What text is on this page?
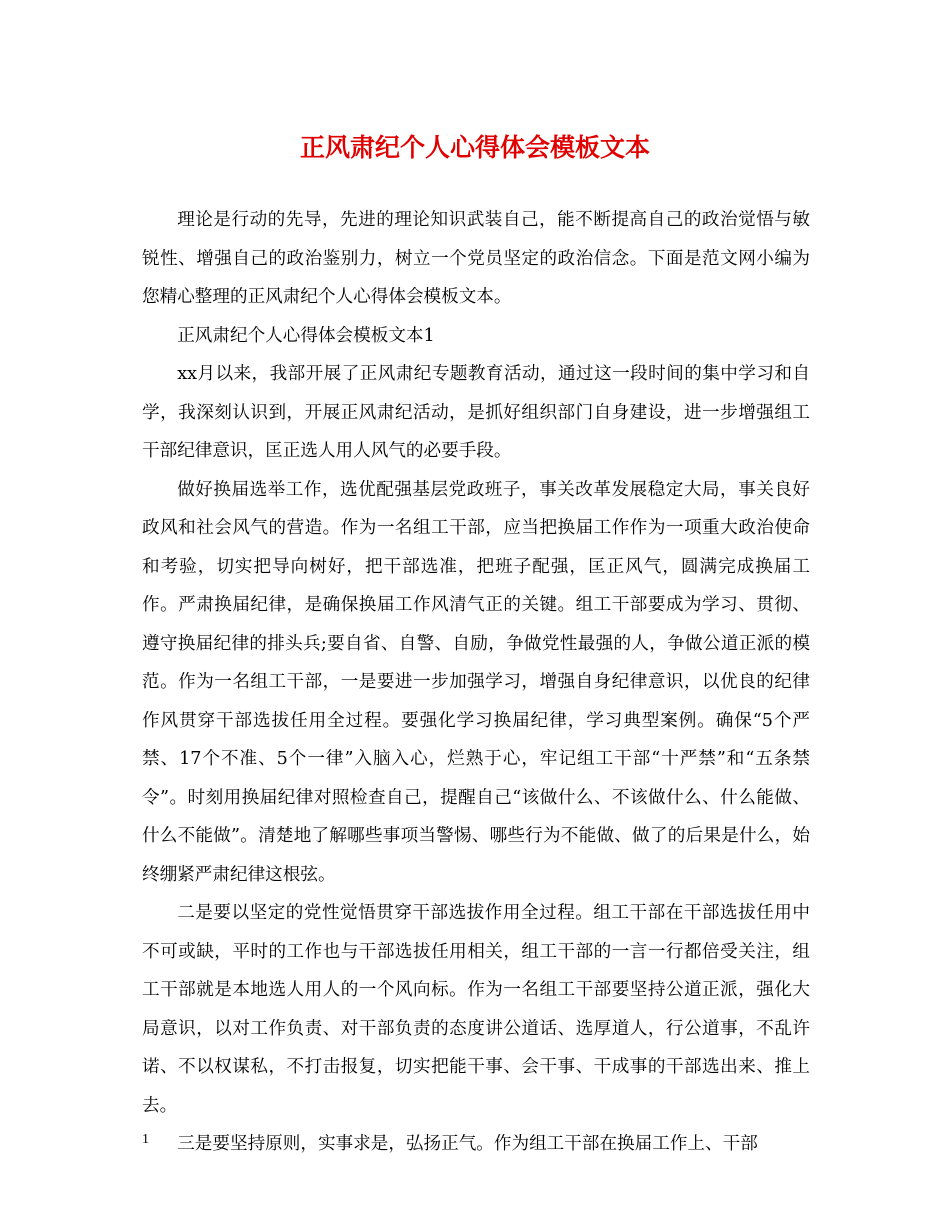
正风肃纪个人心得体会模板文本

理论是行动的先导，先进的理论知识武装自己，能不断提高自己的政治觉悟与敏锐性、增强自己的政治鉴别力，树立一个党员坚定的政治信念。下面是范文网小编为您精心整理的正风肃纪个人心得体会模板文本。

正风肃纪个人心得体会模板文本1

xx月以来，我部开展了正风肃纪专题教育活动，通过这一段时间的集中学习和自学，我深刻认识到，开展正风肃纪活动，是抓好组织部门自身建设，进一步增强组工干部纪律意识，匡正选人用人风气的必要手段。

做好换届选举工作，选优配强基层党政班子，事关改革发展稳定大局，事关良好政风和社会风气的营造。作为一名组工干部，应当把换届工作作为一项重大政治使命和考验，切实把导向树好，把干部选准，把班子配强，匡正风气，圆满完成换届工作。严肃换届纪律，是确保换届工作风清气正的关键。组工干部要成为学习、贯彻、遵守换届纪律的排头兵;要自省、自警、自励，争做党性最强的人，争做公道正派的模范。作为一名组工干部，一是要进一步加强学习，增强自身纪律意识，以优良的纪律作风贯穿干部选拔任用全过程。要强化学习换届纪律，学习典型案例。确保“5个严禁、17个不准、5个一律”入脑入心，烂熟于心，牢记组工干部“十严禁”和“五条禁令”。时刻用换届纪律对照检查自己，提醒自己“该做什么、不该做什么、什么能做、什么不能做”。清楚地了解哪些事项当警惕、哪些行为不能做、做了的后果是什么，始终绷紧严肃纪律这根弦。

二是要以坚定的党性觉悟贯穿干部选拔作用全过程。组工干部在干部选拔任用中不可或缺，平时的工作也与干部选拔任用相关，组工干部的一言一行都倍受关注，组工干部就是本地选人用人的一个风向标。作为一名组工干部要坚持公道正派，强化大局意识，以对工作负责、对干部负责的态度讲公道话、选厚道人，行公道事，不乱许诺、不以权谋私，不打击报复，切实把能干事、会干事、干成事的干部选出来、推上去。

三是要坚持原则，实事求是，弘扬正气。作为组工干部在换届工作上、干部

1
